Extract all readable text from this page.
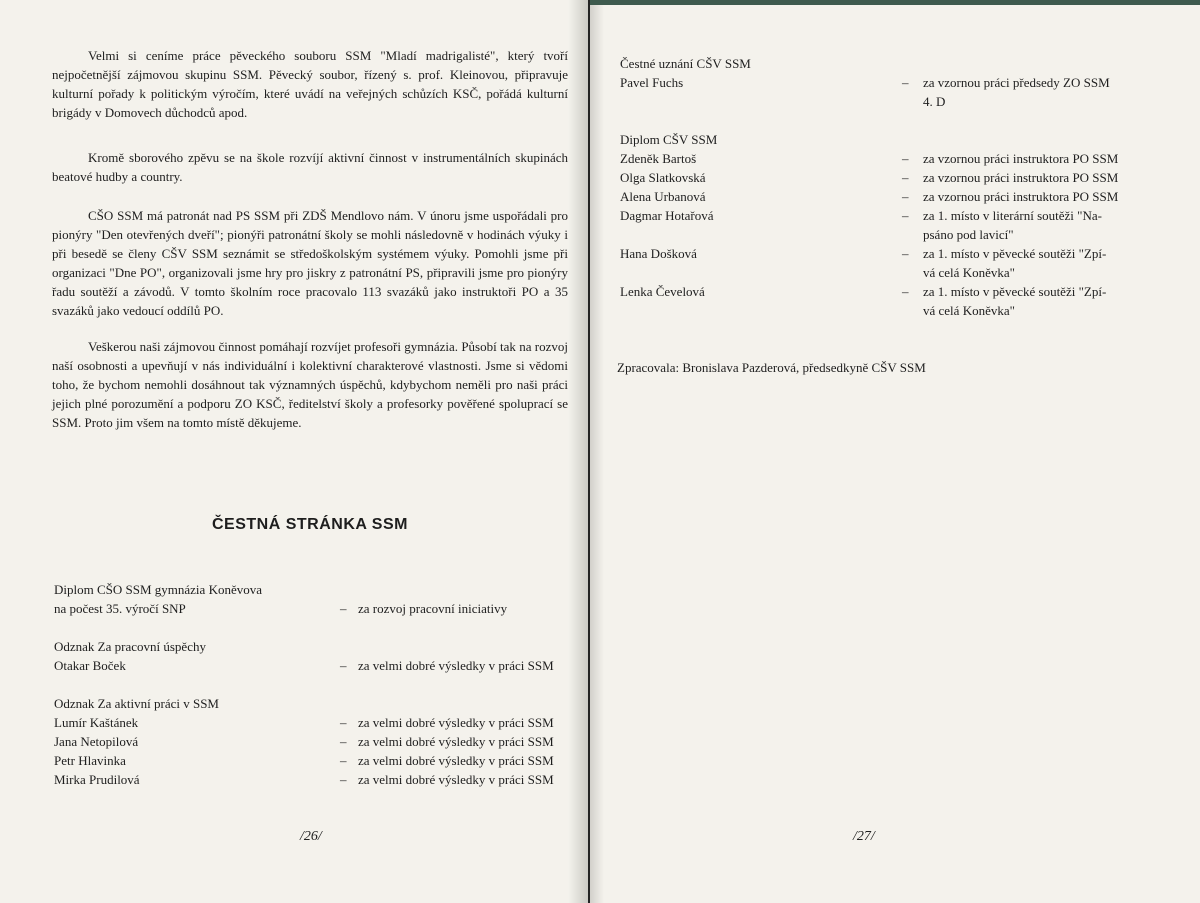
Velmi si ceníme práce pěveckého souboru SSM "Mladí madrigalisté", který tvoří nejpočetnější zájmovou skupinu SSM. Pěvecký soubor, řízený s. prof. Kleinovou, připravuje kulturní pořady k politickým výročím, které uvádí na veřejných schůzích KSČ, pořádá kulturní brigády v Domovech důchodců apod.

Kromě sborového zpěvu se na škole rozvíjí aktivní činnost v instrumentálních skupinách beatové hudby a country.

CŠO SSM má patronát nad PS SSM při ZDŠ Mendlovo nám. V únoru jsme uspořádali pro pionýry "Den otevřených dveří"; pionýři patronátní školy se mohli následovně v hodinách výuky i při besedě se členy CŠV SSM seznámit se středoškolským systémem výuky. Pomohli jsme při organizaci "Dne PO", organizovali jsme hry pro jiskry z patronátní PS, připravili jsme pro pionýry řadu soutěží a závodů. V tomto školním roce pracovalo 113 svazáků jako instruktoři PO a 35 svazáků jako vedoucí oddílů PO.

Veškerou naši zájmovou činnost pomáhají rozvíjet profesoři gymnázia. Působí tak na rozvoj naší osobnosti a upevňují v nás individuální i kolektivní charakterové vlastnosti. Jsme si vědomi toho, že bychom nemohli dosáhnout tak významných úspěchů, kdybychom neměli pro naši práci jejich plné porozumění a podporu ZO KSČ, ředitelství školy a profesorky pověřené spoluprací se SSM. Proto jim všem na tomto místě děkujeme.

ČESTNÁ STRÁNKA SSM
Diplom CŠO SSM gymnázia Koněvova
na počest 35. výročí SNP	– za rozvoj pracovní iniciativy
Odznak Za pracovní úspěchy
Otakar Boček	– za velmi dobré výsledky v práci SSM
Odznak Za aktivní práci v SSM
Lumír Kaštánek	– za velmi dobré výsledky v práci SSM
Jana Netopilová	– za velmi dobré výsledky v práci SSM
Petr Hlavinka	– za velmi dobré výsledky v práci SSM
Mirka Prudilová	– za velmi dobré výsledky v práci SSM
/26/
Čestné uznání CŠV SSM
Pavel Fuchs	– za vzornou práci předsedy ZO SSM
4. D
Diplom CŠV SSM
Zdeněk Bartoš	– za vzornou práci instruktora PO SSM
Olga Slatkovská	– za vzornou práci instruktora PO SSM
Alena Urbanová	– za vzornou práci instruktora PO SSM
Dagmar Hotařová	– za 1. místo v literární soutěži "Na-
psáno pod lavicí"
Hana Došková	– za 1. místo v pěvecké soutěži "Zpí-
vá celá Koněvka"
Lenka Čevelová	– za 1. místo v pěvecké soutěži "Zpí-
vá celá Koněvka"
Zpracovala: Bronislava Pazderová, předsedkyně CŠV SSM
/27/
